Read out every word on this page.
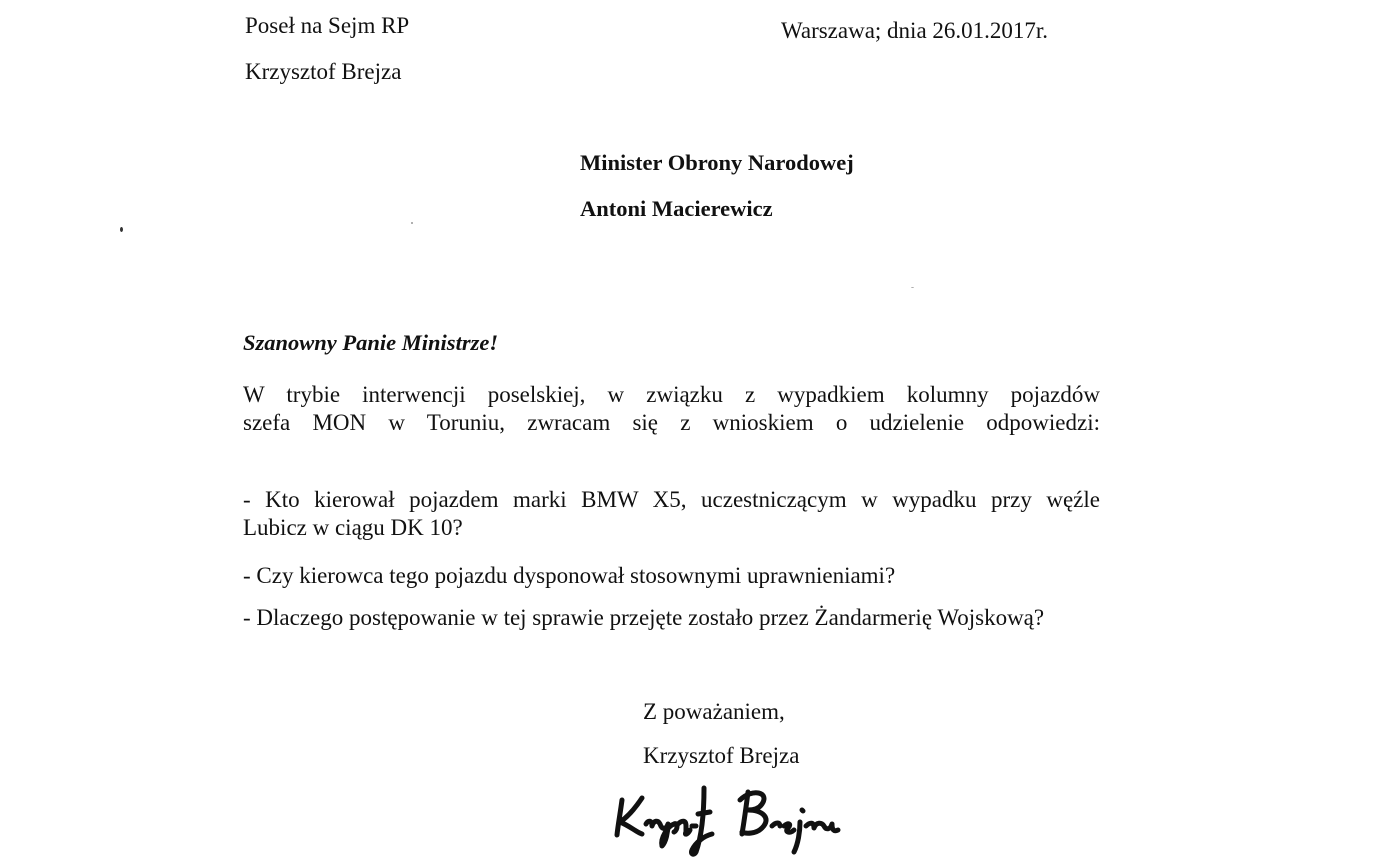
Poseł na Sejm RP
Krzysztof Brejza
Warszawa; dnia 26.01.2017r.
Minister Obrony Narodowej
Antoni Macierewicz
Szanowny Panie Ministrze!
W trybie interwencji poselskiej, w związku z wypadkiem kolumny pojazdów
szefa MON w Toruniu, zwracam się z wnioskiem o udzielenie odpowiedzi:
- Kto kierował pojazdem marki BMW X5, uczestniczącym w wypadku przy węźle
Lubicz w ciągu DK 10?
- Czy kierowca tego pojazdu dysponował stosownymi uprawnieniami?
- Dlaczego postępowanie w tej sprawie przejęte zostało przez Żandarmerię Wojskową?
Z poważaniem,
Krzysztof Brejza
